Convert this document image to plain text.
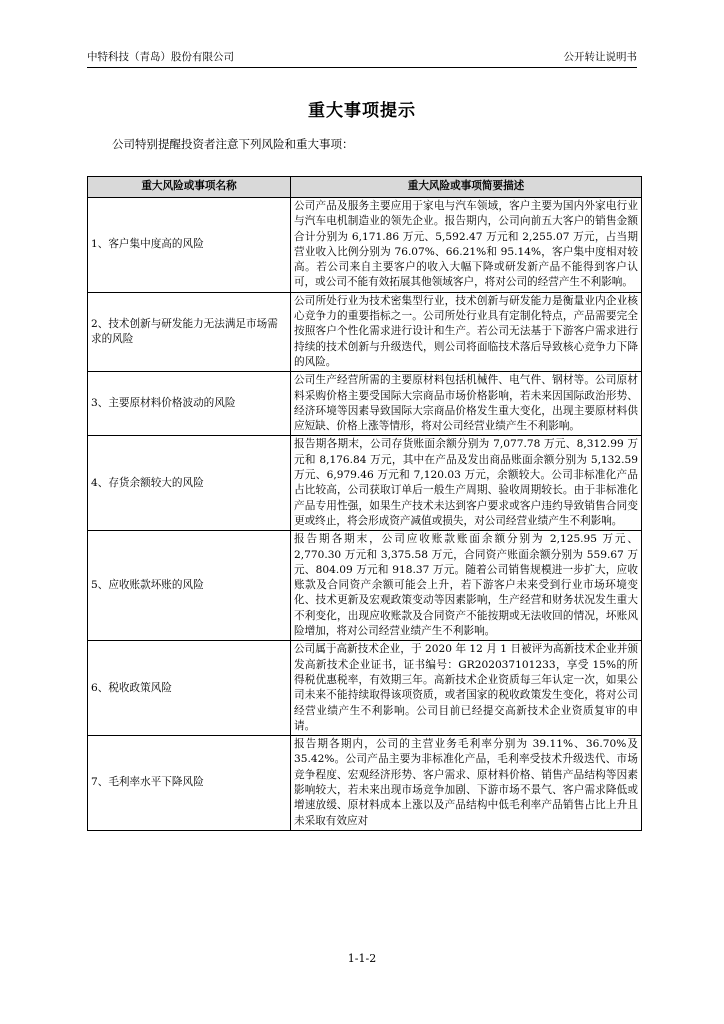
中特科技（青岛）股份有限公司	公开转让说明书
重大事项提示
公司特别提醒投资者注意下列风险和重大事项：
重大风险或事项名称	重大风险或事项简要描述
1、客户集中度高的风险	公司产品及服务主要应用于家电与汽车领域，客户主要为国内外家电行业与汽车电机制造业的领先企业。报告期内，公司向前五大客户的销售金额合计分别为 6,171.86 万元、5,592.47 万元和 2,255.07 万元，占当期营业收入比例分别为 76.07%、66.21%和 95.14%，客户集中度相对较高。若公司来自主要客户的收入大幅下降或研发新产品不能得到客户认可，或公司不能有效拓展其他领域客户，将对公司的经营产生不利影响。
2、技术创新与研发能力无法满足市场需求的风险	公司所处行业为技术密集型行业，技术创新与研发能力是衡量业内企业核心竞争力的重要指标之一。公司所处行业具有定制化特点，产品需要完全按照客户个性化需求进行设计和生产。若公司无法基于下游客户需求进行持续的技术创新与升级迭代，则公司将面临技术落后导致核心竞争力下降的风险。
3、主要原材料价格波动的风险	公司生产经营所需的主要原材料包括机械件、电气件、钢材等。公司原材料采购价格主要受国际大宗商品市场价格影响，若未来因国际政治形势、经济环境等因素导致国际大宗商品价格发生重大变化，出现主要原材料供应短缺、价格上涨等情形，将对公司经营业绩产生不利影响。
4、存货余额较大的风险	报告期各期末，公司存货账面余额分别为 7,077.78 万元、8,312.99 万元和 8,176.84 万元，其中在产品及发出商品账面余额分别为 5,132.59 万元、6,979.46 万元和 7,120.03 万元，余额较大。公司非标准化产品占比较高，公司获取订单后一般生产周期、验收周期较长。由于非标准化产品专用性强，如果生产技术未达到客户要求或客户违约导致销售合同变更或终止，将会形成资产减值或损失，对公司经营业绩产生不利影响。
5、应收账款坏账的风险	报告期各期末，公司应收账款账面余额分别为 2,125.95 万元、2,770.30 万元和 3,375.58 万元，合同资产账面余额分别为 559.67 万元、804.09 万元和 918.37 万元。随着公司销售规模进一步扩大，应收账款及合同资产余额可能会上升，若下游客户未来受到行业市场环境变化、技术更新及宏观政策变动等因素影响，生产经营和财务状况发生重大不利变化，出现应收账款及合同资产不能按期或无法收回的情况，坏账风险增加，将对公司经营业绩产生不利影响。
6、税收政策风险	公司属于高新技术企业，于 2020 年 12 月 1 日被评为高新技术企业并颁发高新技术企业证书，证书编号：GR202037101233，享受 15%的所得税优惠税率，有效期三年。高新技术企业资质每三年认定一次，如果公司未来不能持续取得该项资质，或者国家的税收政策发生变化，将对公司经营业绩产生不利影响。公司目前已经提交高新技术企业资质复审的申请。
7、毛利率水平下降风险	报告期各期内，公司的主营业务毛利率分别为 39.11%、36.70%及 35.42%。公司产品主要为非标准化产品，毛利率受技术升级迭代、市场竞争程度、宏观经济形势、客户需求、原材料价格、销售产品结构等因素影响较大，若未来出现市场竞争加剧、下游市场不景气、客户需求降低或增速放缓、原材料成本上涨以及产品结构中低毛利率产品销售占比上升且未采取有效应对
1-1-2
